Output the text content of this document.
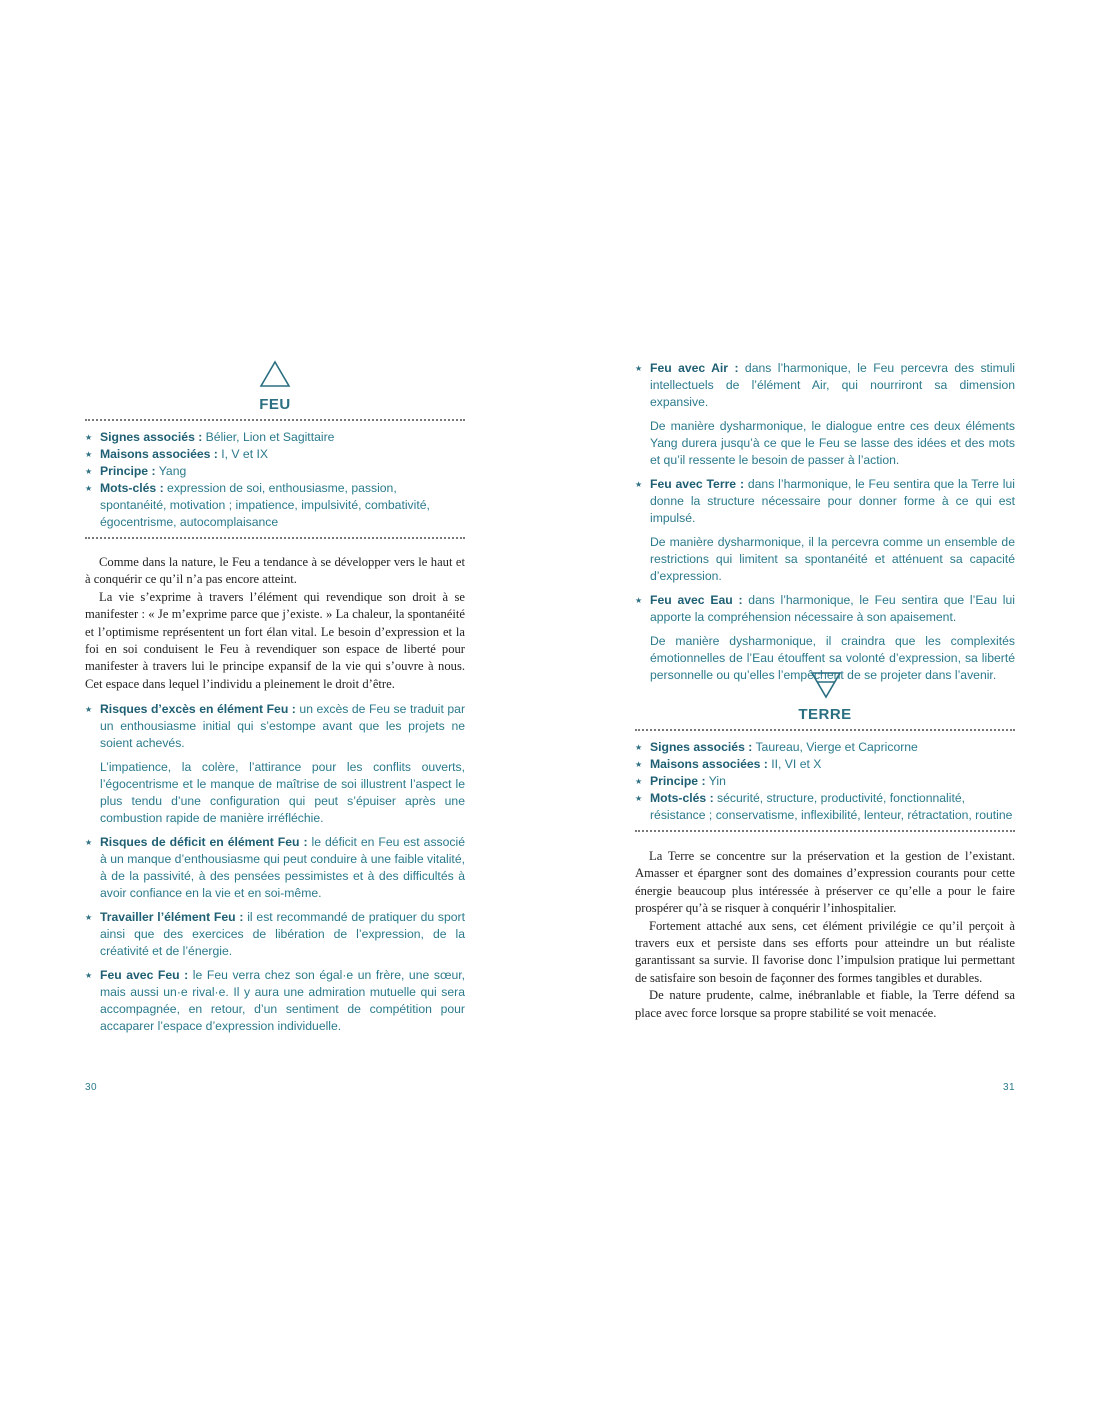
FEU
★ Signes associés : Bélier, Lion et Sagittaire
★ Maisons associées : I, V et IX
★ Principe : Yang
★ Mots-clés : expression de soi, enthousiasme, passion, spontanéité, motivation ; impatience, impulsivité, combativité, égocentrisme, autocomplaisance

Comme dans la nature, le Feu a tendance à se développer vers le haut et à conquérir ce qu’il n’a pas encore atteint.

La vie s’exprime à travers l’élément qui revendique son droit à se manifester : « Je m’exprime parce que j’existe. » La chaleur, la spontanéité et l’optimisme représentent un fort élan vital. Le besoin d’expression et la foi en soi conduisent le Feu à revendiquer son espace de liberté pour manifester à travers lui le principe expansif de la vie qui s’ouvre à nous. Cet espace dans lequel l’individu a pleinement le droit d’être.

★ Risques d’excès en élément Feu : un excès de Feu se traduit par un enthousiasme initial qui s’estompe avant que les projets ne soient achevés.
L’impatience, la colère, l’attirance pour les conflits ouverts, l’égocentrisme et le manque de maîtrise de soi illustrent l’aspect le plus tendu d’une configuration qui peut s’épuiser après une combustion rapide de manière irréfléchie.
★ Risques de déficit en élément Feu : le déficit en Feu est associé à un manque d’enthousiasme qui peut conduire à une faible vitalité, à de la passivité, à des pensées pessimistes et à des difficultés à avoir confiance en la vie et en soi-même.
★ Travailler l’élément Feu : il est recommandé de pratiquer du sport ainsi que des exercices de libération de l’expression, de la créativité et de l’énergie.
★ Feu avec Feu : le Feu verra chez son égal·e un frère, une sœur, mais aussi un·e rival·e. Il y aura une admiration mutuelle qui sera accompagnée, en retour, d’un sentiment de compétition pour accaparer l’espace d’expression individuelle.
30
★ Feu avec Air : dans l’harmonique, le Feu percevra des stimuli intellectuels de l’élément Air, qui nourriront sa dimension expansive.
De manière dysharmonique, le dialogue entre ces deux éléments Yang durera jusqu’à ce que le Feu se lasse des idées et des mots et qu’il ressente le besoin de passer à l’action.
★ Feu avec Terre : dans l’harmonique, le Feu sentira que la Terre lui donne la structure nécessaire pour donner forme à ce qui est impulsé.
De manière dysharmonique, il la percevra comme un ensemble de restrictions qui limitent sa spontanéité et atténuent sa capacité d’expression.
★ Feu avec Eau : dans l’harmonique, le Feu sentira que l’Eau lui apporte la compréhension nécessaire à son apaisement.
De manière dysharmonique, il craindra que les complexités émotionnelles de l’Eau étouffent sa volonté d’expression, sa liberté personnelle ou qu’elles l’empêchent de se projeter dans l’avenir.
TERRE
★ Signes associés : Taureau, Vierge et Capricorne
★ Maisons associées : II, VI et X
★ Principe : Yin
★ Mots-clés : sécurité, structure, productivité, fonctionnalité, résistance ; conservatisme, inflexibilité, lenteur, rétractation, routine

La Terre se concentre sur la préservation et la gestion de l’existant. Amasser et épargner sont des domaines d’expression courants pour cette énergie beaucoup plus intéressée à préserver ce qu’elle a pour le faire prospérer qu’à se risquer à conquérir l’inhospitalier.

Fortement attaché aux sens, cet élément privilégie ce qu’il perçoit à travers eux et persiste dans ses efforts pour atteindre un but réaliste garantissant sa survie. Il favorise donc l’impulsion pratique lui permettant de satisfaire son besoin de façonner des formes tangibles et durables.

De nature prudente, calme, inébranlable et fiable, la Terre défend sa place avec force lorsque sa propre stabilité se voit menacée.

31
